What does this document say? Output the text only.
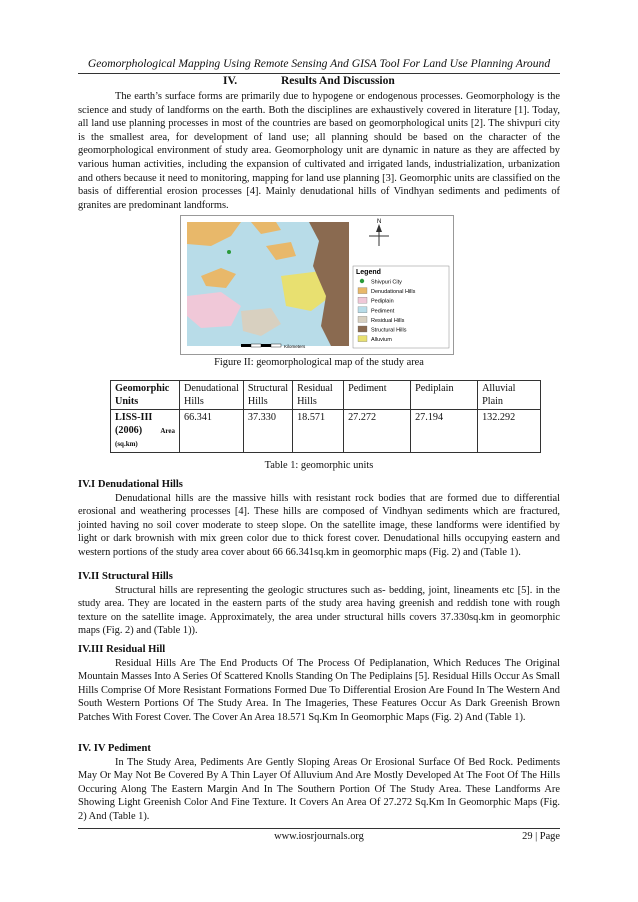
Geomorphological Mapping Using Remote Sensing And GISA Tool For Land Use Planning Around
IV.	Results And Discussion

The earth’s surface forms are primarily due to hypogene or endogenous processes. Geomorphology is the science and study of landforms on the earth. Both the disciplines are exhaustively covered in literature [1]. Today, all land use planning processes in most of the countries are based on geomorphological units [2]. The shivpuri city is the smallest area, for development of land use; all planning should be based on the character of the geomorphological environment of study area. Geomorphology unit are dynamic in nature as they are affected by various human activities, including the expansion of cultivated and irrigated lands, industrialization, urbanization and others because it need to monitoring, mapping for land use planning [3]. Geomorphic units are classified on the basis of differential erosion processes [4]. Mainly denudational hills of Vindhyan sediments and pediments of granites are predominant landforms.

N
Legend
Shivpuri City
Denudational Hills
Pediplain
Pediment
Residual Hills
Structural Hills
Alluvium
Kilometers
Figure II: geomorphological map of the study area
Geomorphic Units	Denudational Hills	Structural Hills	Residual Hills	Pediment	Pediplain	Alluvial Plain
LISS-III (2006) Area

(sq.km)	66.341	37.330	18.571	27.272	27.194	132.292
Table 1: geomorphic units
IV.I Denudational Hills

Denudational hills are the massive hills with resistant rock bodies that are formed due to differential erosional and weathering processes [4]. These hills are composed of Vindhyan sediments which are fractured, jointed having no soil cover moderate to steep slope. On the satellite image, these landforms were identified by light or dark brownish with mix green color due to thick forest cover. Denudational hills occupying eastern and western portions of the study area cover about 66 66.341sq.km in geomorphic maps (Fig. 2) and (Table 1).

IV.II Structural Hills

Structural hills are representing the geologic structures such as- bedding, joint, lineaments etc [5]. in the study area. They are located in the eastern parts of the study area having greenish and reddish tone with rough texture on the satellite image. Approximately, the area under structural hills covers 37.330sq.km in geomorphic maps (Fig. 2) and (Table 1)).

IV.III Residual Hill

Residual Hills Are The End Products Of The Process Of Pediplanation, Which Reduces The Original Mountain Masses Into A Series Of Scattered Knolls Standing On The Pediplains [5]. Residual Hills Occur As Small Hills Comprise Of More Resistant Formations Formed Due To Differential Erosion Are Found In The Western And South Western Portions Of The Study Area. In The Imageries, These Features Occur As Dark Greenish Brown Patches With Forest Cover. The Cover An Area 18.571 Sq.Km In Geomorphic Maps (Fig. 2) And (Table 1).

IV. IV Pediment

In The Study Area, Pediments Are Gently Sloping Areas Or Erosional Surface Of Bed Rock. Pediments May Or May Not Be Covered By A Thin Layer Of Alluvium And Are Mostly Developed At The Foot Of The Hills Occuring Along The Eastern Margin And In The Southern Portion Of The Study Area. These Landforms Are Showing Light Greenish Color And Fine Texture. It Covers An Area Of 27.272 Sq.Km In Geomorphic Maps (Fig. 2) And (Table 1).

www.iosrjournals.org	29 | Page
